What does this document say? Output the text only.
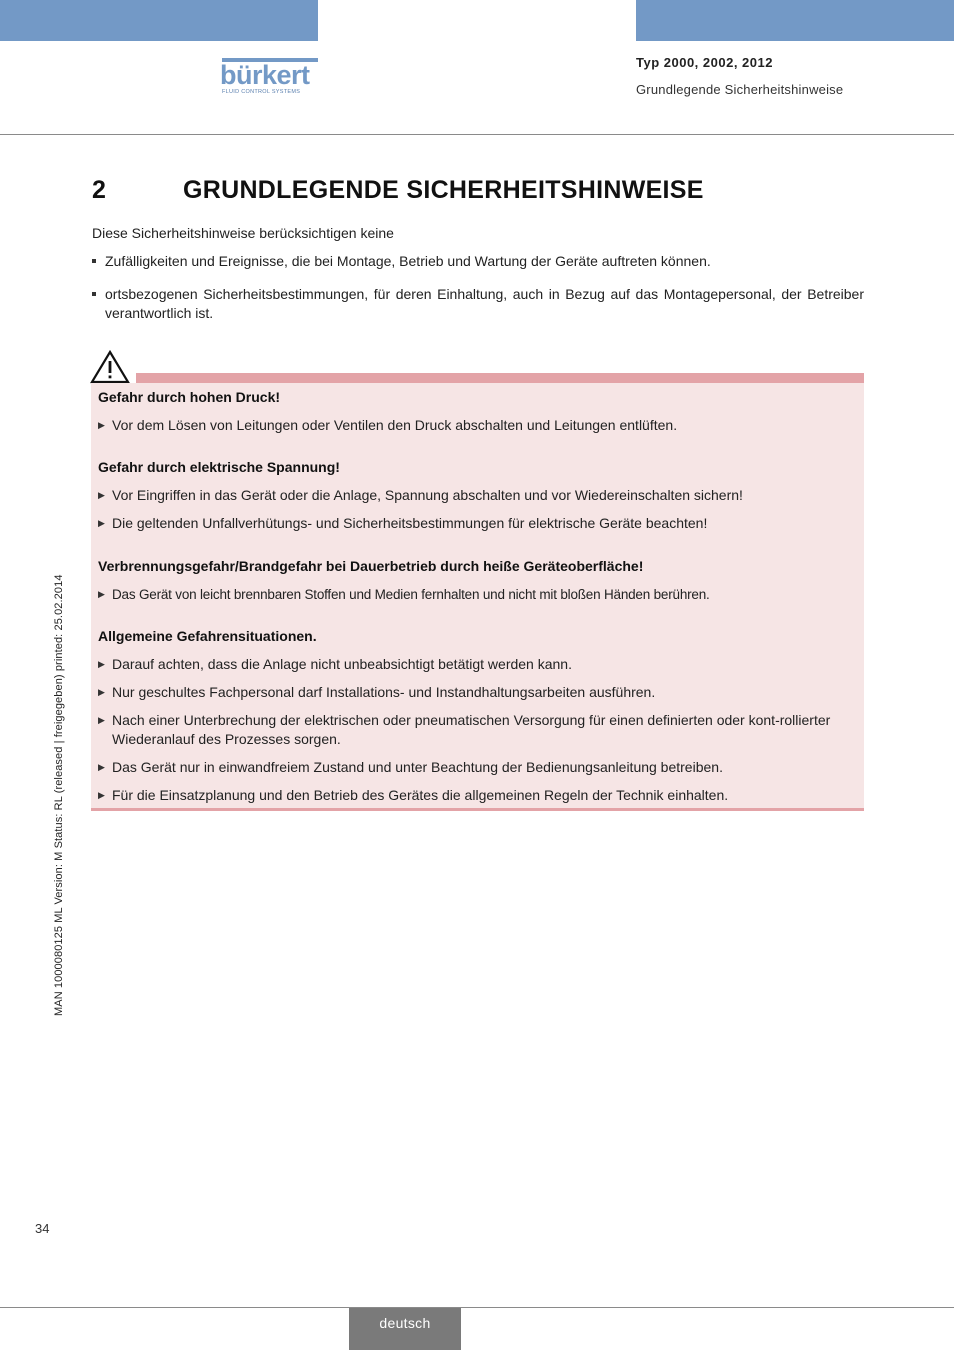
bürkert
FLUID CONTROL SYSTEMS
Typ 2000, 2002, 2012
Grundlegende Sicherheitshinweise
2	GRUNDLEGENDE SICHERHEITSHINWEISE

Diese Sicherheitshinweise berücksichtigen keine

Zufälligkeiten und Ereignisse, die bei Montage, Betrieb und Wartung der Geräte auftreten können.
ortsbezogenen Sicherheitsbestimmungen, für deren Einhaltung, auch in Bezug auf das Montagepersonal, der Betreiber verantwortlich ist.
Gefahr durch hohen Druck!
▶ Vor dem Lösen von Leitungen oder Ventilen den Druck abschalten und Leitungen entlüften.
Gefahr durch elektrische Spannung!
▶ Vor Eingriffen in das Gerät oder die Anlage, Spannung abschalten und vor Wiedereinschalten sichern!
▶ Die geltenden Unfallverhütungs- und Sicherheitsbestimmungen für elektrische Geräte beachten!
Verbrennungsgefahr/Brandgefahr bei Dauerbetrieb durch heiße Geräteoberfläche!
▶ Das Gerät von leicht brennbaren Stoffen und Medien fernhalten und nicht mit bloßen Händen berühren.
Allgemeine Gefahrensituationen.
▶ Darauf achten, dass die Anlage nicht unbeabsichtigt betätigt werden kann.
▶ Nur geschultes Fachpersonal darf Installations- und Instandhaltungsarbeiten ausführen.
▶ Nach einer Unterbrechung der elektrischen oder pneumatischen Versorgung für einen definierten oder kont-rollierter Wiederanlauf des Prozesses sorgen.
▶ Das Gerät nur in einwandfreiem Zustand und unter Beachtung der Bedienungsanleitung betreiben.
▶ Für die Einsatzplanung und den Betrieb des Gerätes die allgemeinen Regeln der Technik einhalten.
MAN 1000080125 ML Version: M Status: RL (released | freigegeben) printed: 25.02.2014
34
deutsch
